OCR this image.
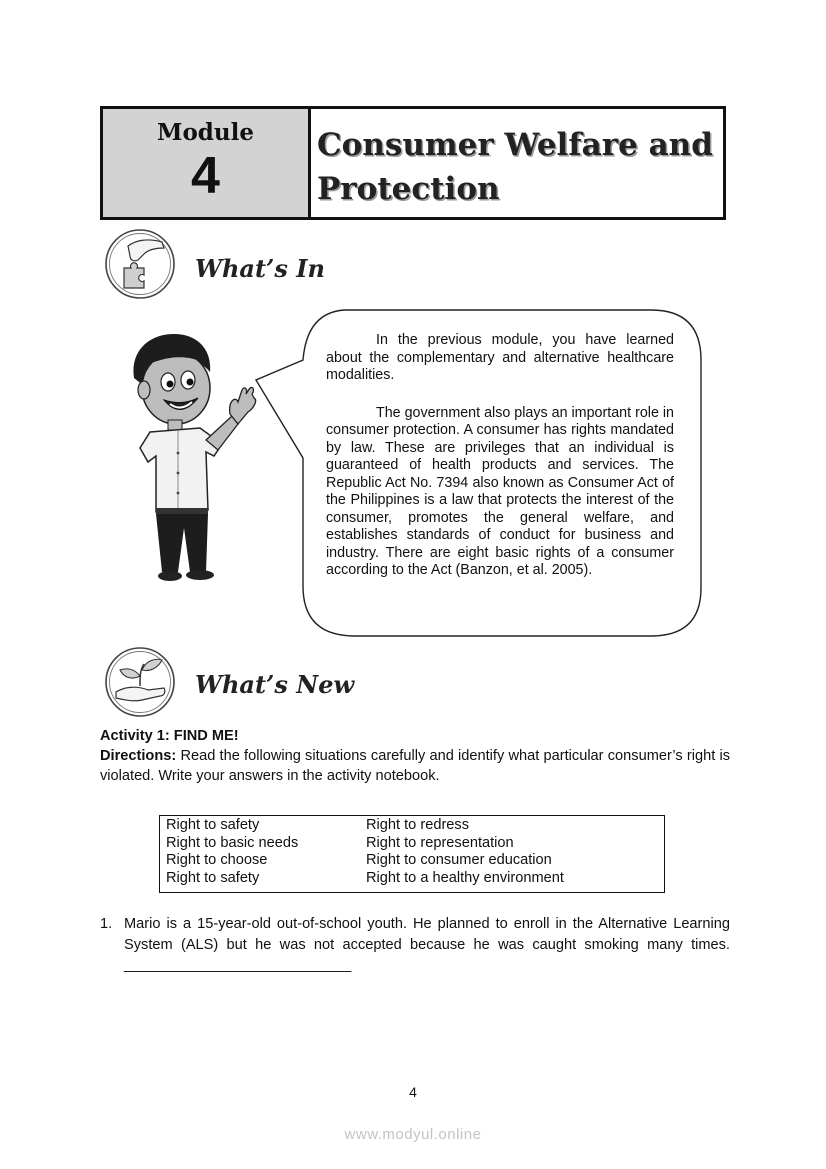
Module
4
Consumer Welfare and
Protection
What’s In

In the previous module, you have learned about the complementary and alternative healthcare modalities.

The government also plays an important role in consumer protection. A consumer has rights mandated by law. These are privileges that an individual is guaranteed of health products and services. The Republic Act No. 7394 also known as Consumer Act of the Philippines is a law that protects the interest of the consumer, promotes the general welfare, and establishes standards of conduct for business and industry. There are eight basic rights of a consumer according to the Act (Banzon, et al. 2005).

What’s New
Activity 1: FIND ME!

Directions: Read the following situations carefully and identify what particular consumer’s right is violated. Write your answers in the activity notebook.

Right to safety	Right to redress
Right to basic needs	Right to representation
Right to choose	Right to consumer education
Right to safety	Right to a healthy environment
1. Mario is a 15-year-old out-of-school youth. He planned to enroll in the Alternative Learning System (ALS) but he was not accepted because he was caught smoking many times. ____________________________

4
www.modyul.online
